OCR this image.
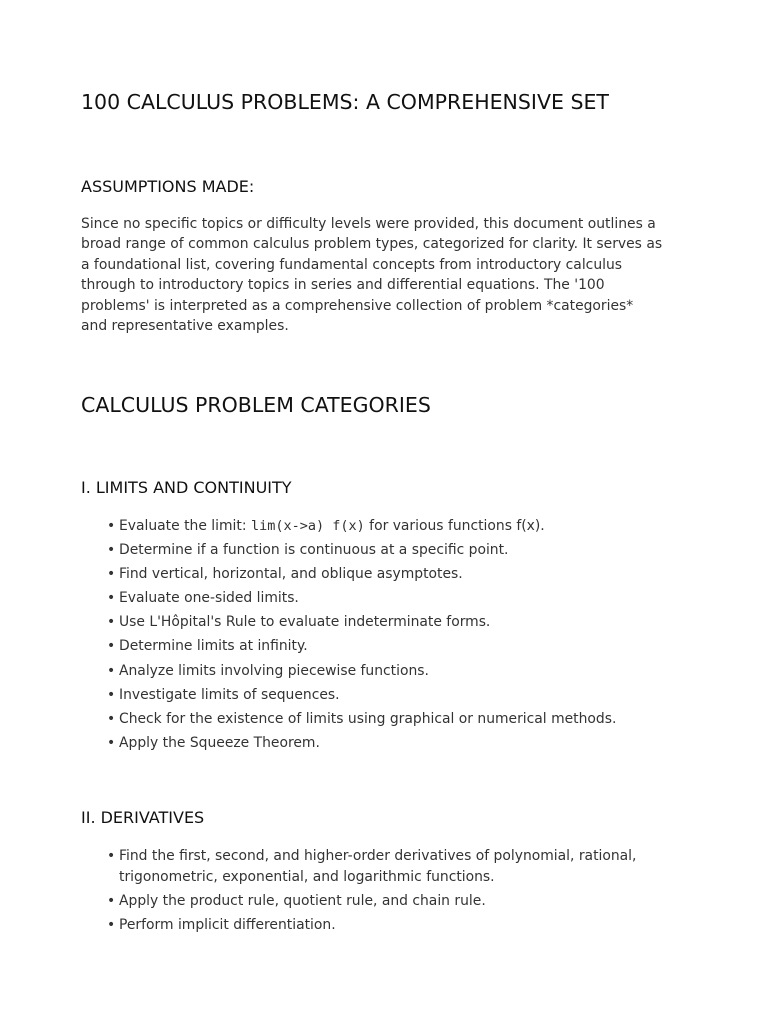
100 CALCULUS PROBLEMS: A COMPREHENSIVE SET
ASSUMPTIONS MADE:
Since no specific topics or difficulty levels were provided, this document outlines a
broad range of common calculus problem types, categorized for clarity. It serves as
a foundational list, covering fundamental concepts from introductory calculus
through to introductory topics in series and differential equations. The '100
problems' is interpreted as a comprehensive collection of problem *categories*
and representative examples.
CALCULUS PROBLEM CATEGORIES
I. LIMITS AND CONTINUITY
• Evaluate the limit: lim(x->a) f(x) for various functions f(x).
• Determine if a function is continuous at a specific point.
• Find vertical, horizontal, and oblique asymptotes.
• Evaluate one-sided limits.
• Use L'Hôpital's Rule to evaluate indeterminate forms.
• Determine limits at infinity.
• Analyze limits involving piecewise functions.
• Investigate limits of sequences.
• Check for the existence of limits using graphical or numerical methods.
• Apply the Squeeze Theorem.
II. DERIVATIVES
• Find the first, second, and higher-order derivatives of polynomial, rational,
trigonometric, exponential, and logarithmic functions.
• Apply the product rule, quotient rule, and chain rule.
• Perform implicit differentiation.
